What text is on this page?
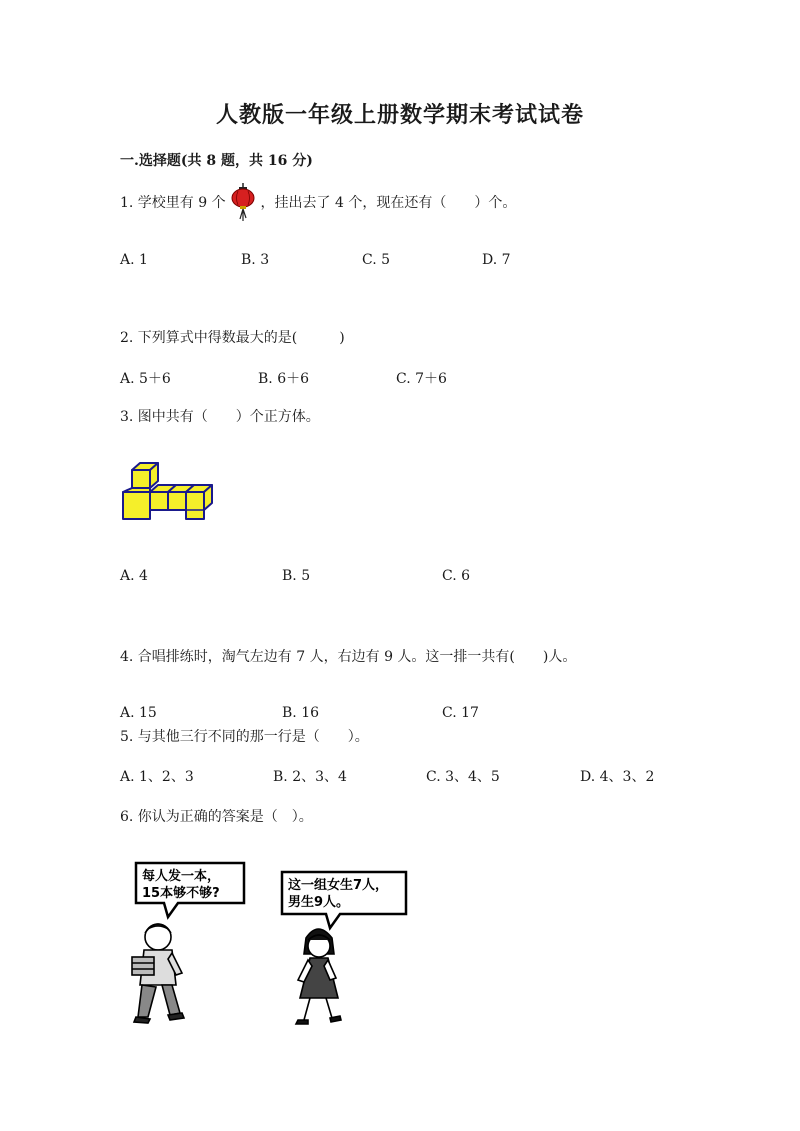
人教版一年级上册数学期末考试试卷
一.选择题(共 8 题，共 16 分)
1. 学校里有 9 个 ，挂出去了 4 个，现在还有（　　）个。
A. 1	B. 3	C. 5	D. 7
2. 下列算式中得数最大的是(　　　)
A. 5＋6	B. 6＋6	C. 7＋6
3. 图中共有（　　）个正方体。
A. 4	B. 5	C. 6
4. 合唱排练时，淘气左边有 7 人，右边有 9 人。这一排一共有(　　)人。
A. 15	B. 16	C. 17
5. 与其他三行不同的那一行是（　　）。
A. 1、2、3	B. 2、3、4	C. 3、4、5	D. 4、3、2
6. 你认为正确的答案是（　）。
每人发一本，
15本够不够?
这一组女生7人，
男生9人。
